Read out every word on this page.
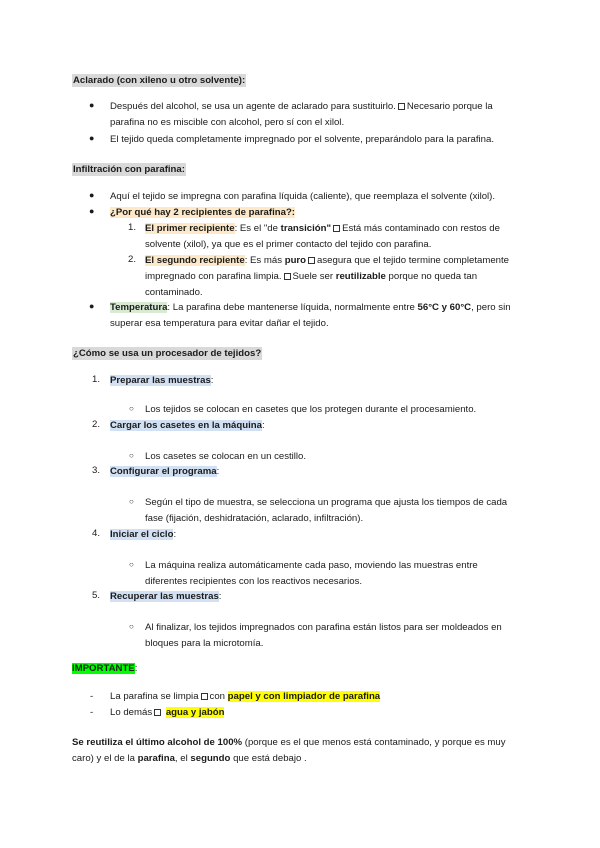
Aclarado (con xileno u otro solvente):
● Después del alcohol, se usa un agente de aclarado para sustituirlo. Necesario porque la
parafina no es miscible con alcohol, pero sí con el xilol.
● El tejido queda completamente impregnado por el solvente, preparándolo para la parafina.
Infiltración con parafina:
● Aquí el tejido se impregna con parafina líquida (caliente), que reemplaza el solvente (xilol).
● ¿Por qué hay 2 recipientes de parafina?:
1. El primer recipiente: Es el "de transición" Está más contaminado con restos de
solvente (xilol), ya que es el primer contacto del tejido con parafina.
2. El segundo recipiente: Es más puro asegura que el tejido termine completamente
impregnado con parafina limpia. Suele ser reutilizable porque no queda tan
contaminado.
● Temperatura: La parafina debe mantenerse líquida, normalmente entre 56°C y 60°C, pero sin
superar esa temperatura para evitar dañar el tejido.
¿Cómo se usa un procesador de tejidos?
1. Preparar las muestras:
○ Los tejidos se colocan en casetes que los protegen durante el procesamiento.
2. Cargar los casetes en la máquina:
○ Los casetes se colocan en un cestillo.
3. Configurar el programa:
○ Según el tipo de muestra, se selecciona un programa que ajusta los tiempos de cada
fase (fijación, deshidratación, aclarado, infiltración).
4. Iniciar el ciclo:
○ La máquina realiza automáticamente cada paso, moviendo las muestras entre
diferentes recipientes con los reactivos necesarios.
5. Recuperar las muestras:
○ Al finalizar, los tejidos impregnados con parafina están listos para ser moldeados en
bloques para la microtomía.
IMPORTANTE:
- La parafina se limpia con papel y con limpiador de parafina
- Lo demás agua y jabón
Se reutiliza el último alcohol de 100% (porque es el que menos está contaminado, y porque es muy
caro) y el de la parafina, el segundo que está debajo .
